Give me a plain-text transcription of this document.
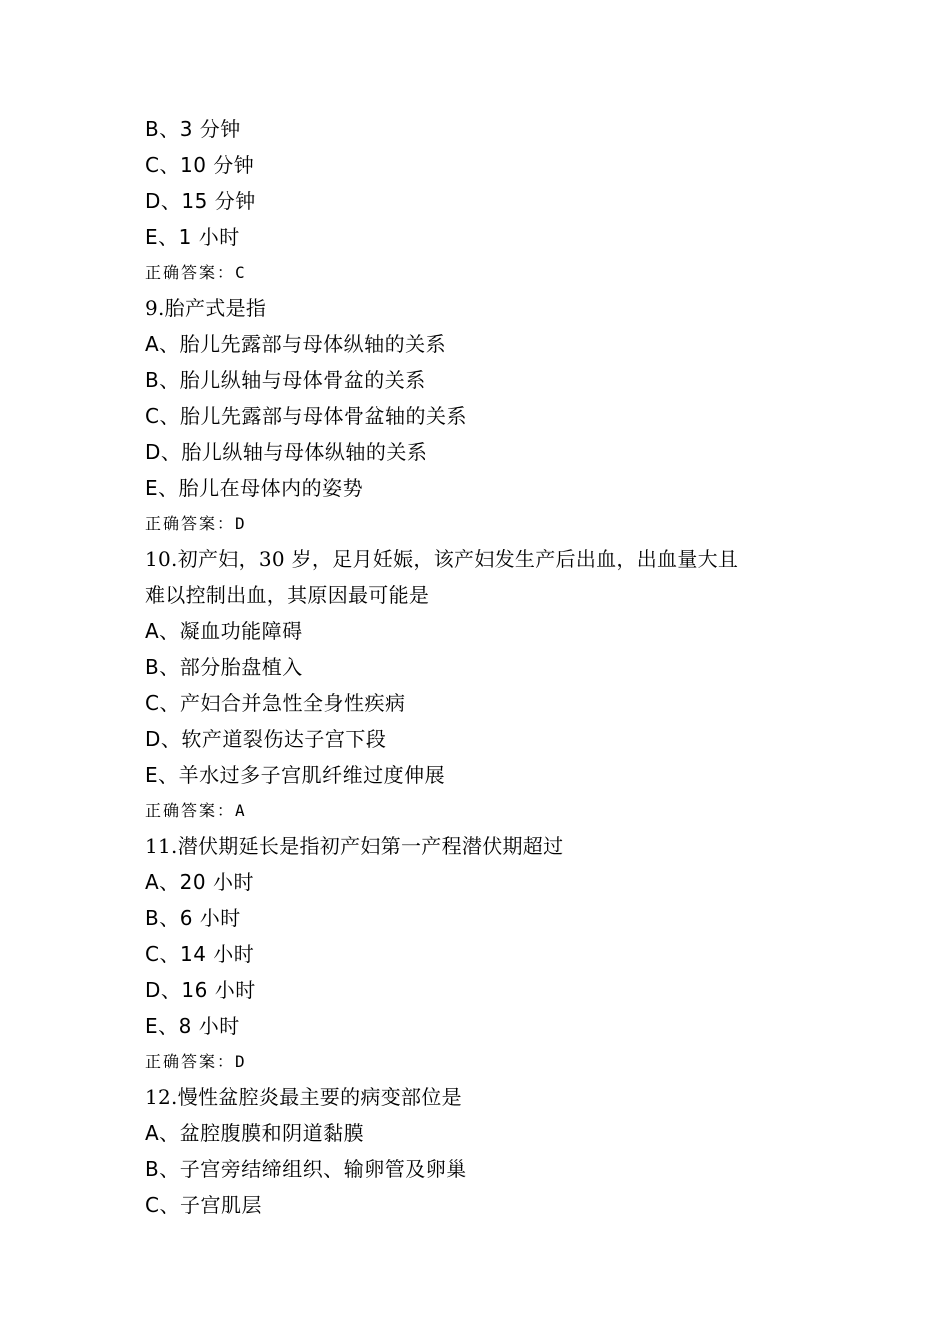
B、3 分钟
C、10 分钟
D、15 分钟
E、1 小时
正确答案：C
9.胎产式是指
A、胎儿先露部与母体纵轴的关系
B、胎儿纵轴与母体骨盆的关系
C、胎儿先露部与母体骨盆轴的关系
D、胎儿纵轴与母体纵轴的关系
E、胎儿在母体内的姿势
正确答案：D
10.初产妇，30 岁，足月妊娠，该产妇发生产后出血，出血量大且
难以控制出血，其原因最可能是
A、凝血功能障碍
B、部分胎盘植入
C、产妇合并急性全身性疾病
D、软产道裂伤达子宫下段
E、羊水过多子宫肌纤维过度伸展
正确答案：A
11.潜伏期延长是指初产妇第一产程潜伏期超过
A、20 小时
B、6 小时
C、14 小时
D、16 小时
E、8 小时
正确答案：D
12.慢性盆腔炎最主要的病变部位是
A、盆腔腹膜和阴道黏膜
B、子宫旁结缔组织、输卵管及卵巢
C、子宫肌层
